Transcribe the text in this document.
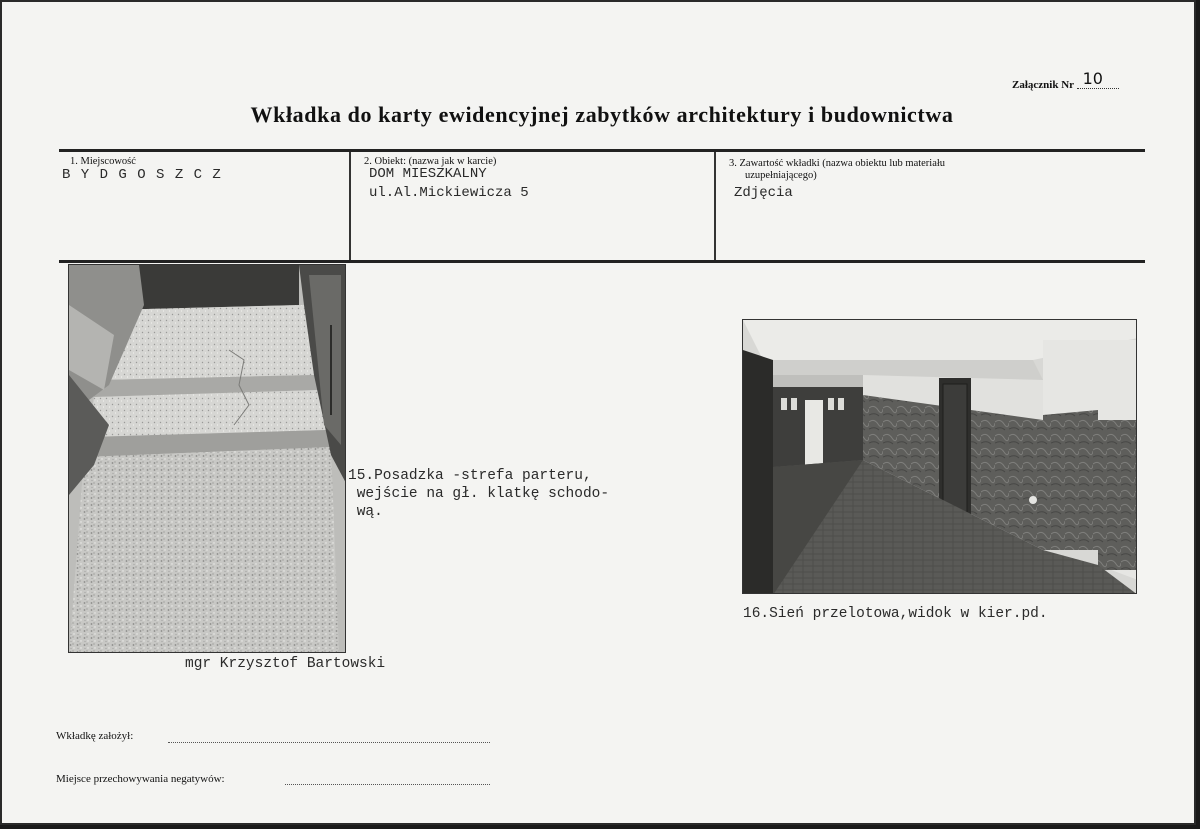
Załącznik Nr 10
Wkładka do karty ewidencyjnej zabytków architektury i budownictwa
1. Miejscowość
B Y D G O S Z C Z
2. Obiekt: (nazwa jak w karcie)
DOM MIESZKALNY
ul.Al.Mickiewicza 5
3. Zawartość wkładki (nazwa obiektu lub materiału
uzupełniającego)
Zdjęcia
15.Posadzka -strefa parteru,
wejście na gł. klatkę schodo-
wą.
16.Sień przelotowa,widok w kier.pd.
mgr Krzysztof Bartowski
Wkładkę założył:
Miejsce przechowywania negatywów:
